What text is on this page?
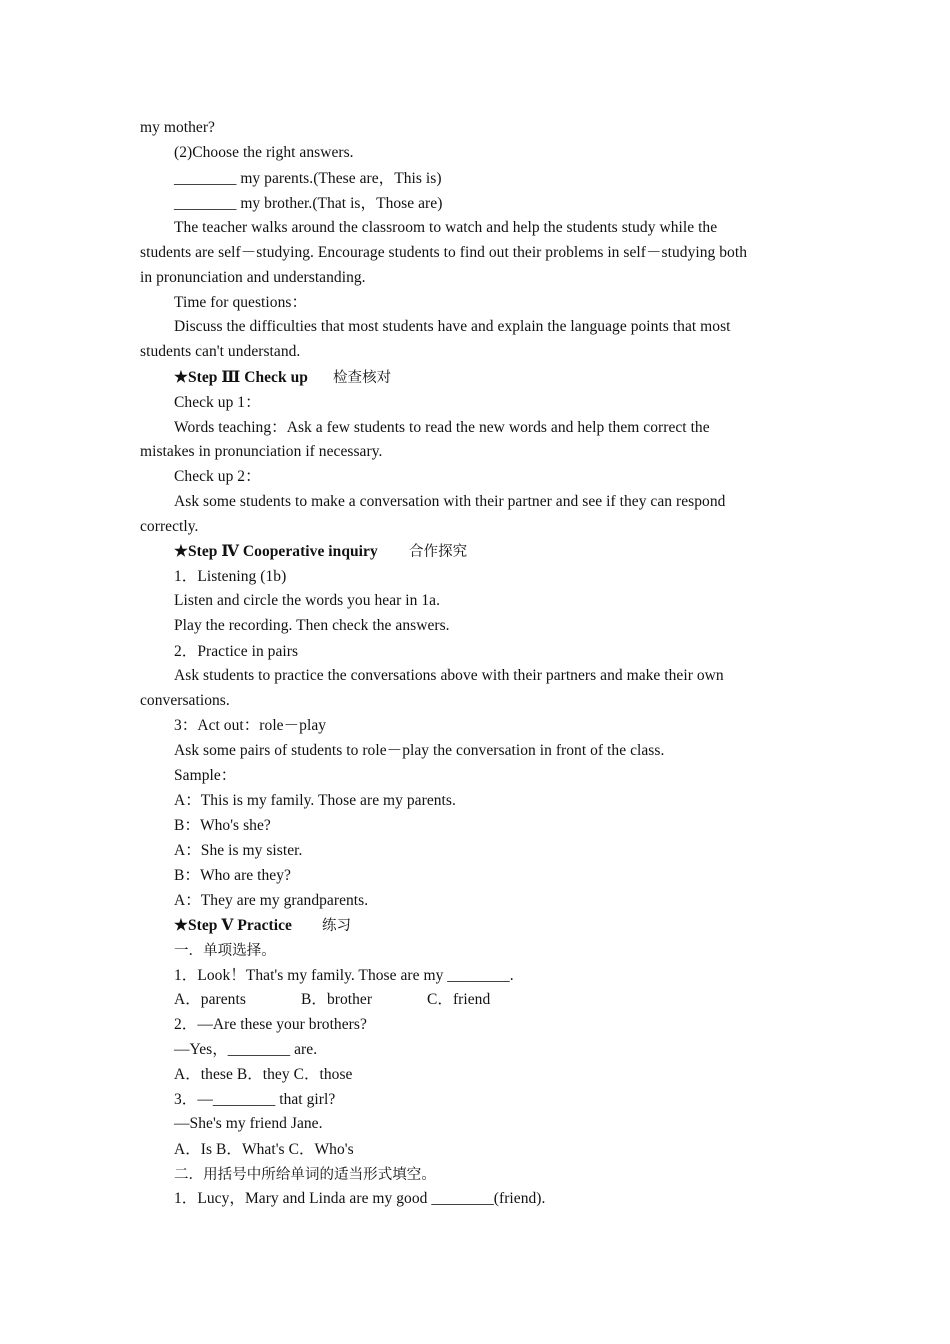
my mother?
(2)Choose the right answers.
________ my parents.(These are，This is)
________ my brother.(That is，Those are)
The teacher walks around the classroom to watch and help the students study while the
students are self－studying. Encourage students to find out their problems in self－studying both
in pronunciation and understanding.
Time for questions：
Discuss the difficulties that most students have and explain the language points that most
students can't understand.
★Step Ⅲ Check up 检查核对
Check up 1：
Words teaching：Ask a few students to read the new words and help them correct the
mistakes in pronunciation if necessary.
Check up 2：
Ask some students to make a conversation with their partner and see if they can respond
correctly.
★Step Ⅳ Cooperative inquiry 合作探究
1．Listening (1b)
Listen and circle the words you hear in 1a.
Play the recording. Then check the answers.
2．Practice in pairs
Ask students to practice the conversations above with their partners and make their own
conversations.
3：Act out：role－play
Ask some pairs of students to role－play the conversation in front of the class.
Sample：
A：This is my family. Those are my parents.
B：Who's she?
A：She is my sister.
B：Who are they?
A：They are my grandparents.
★Step Ⅴ Practice 练习
一．单项选择。
1．Look！That's my family. Those are my ________.
A．parents	B．brother	C．friend
2．—Are these your brothers?
—Yes，________ are.
A．these B．they C．those
3．—________ that girl?
—She's my friend Jane.
A．Is B．What's C．Who's
二．用括号中所给单词的适当形式填空。
1．Lucy，Mary and Linda are my good ________(friend).
